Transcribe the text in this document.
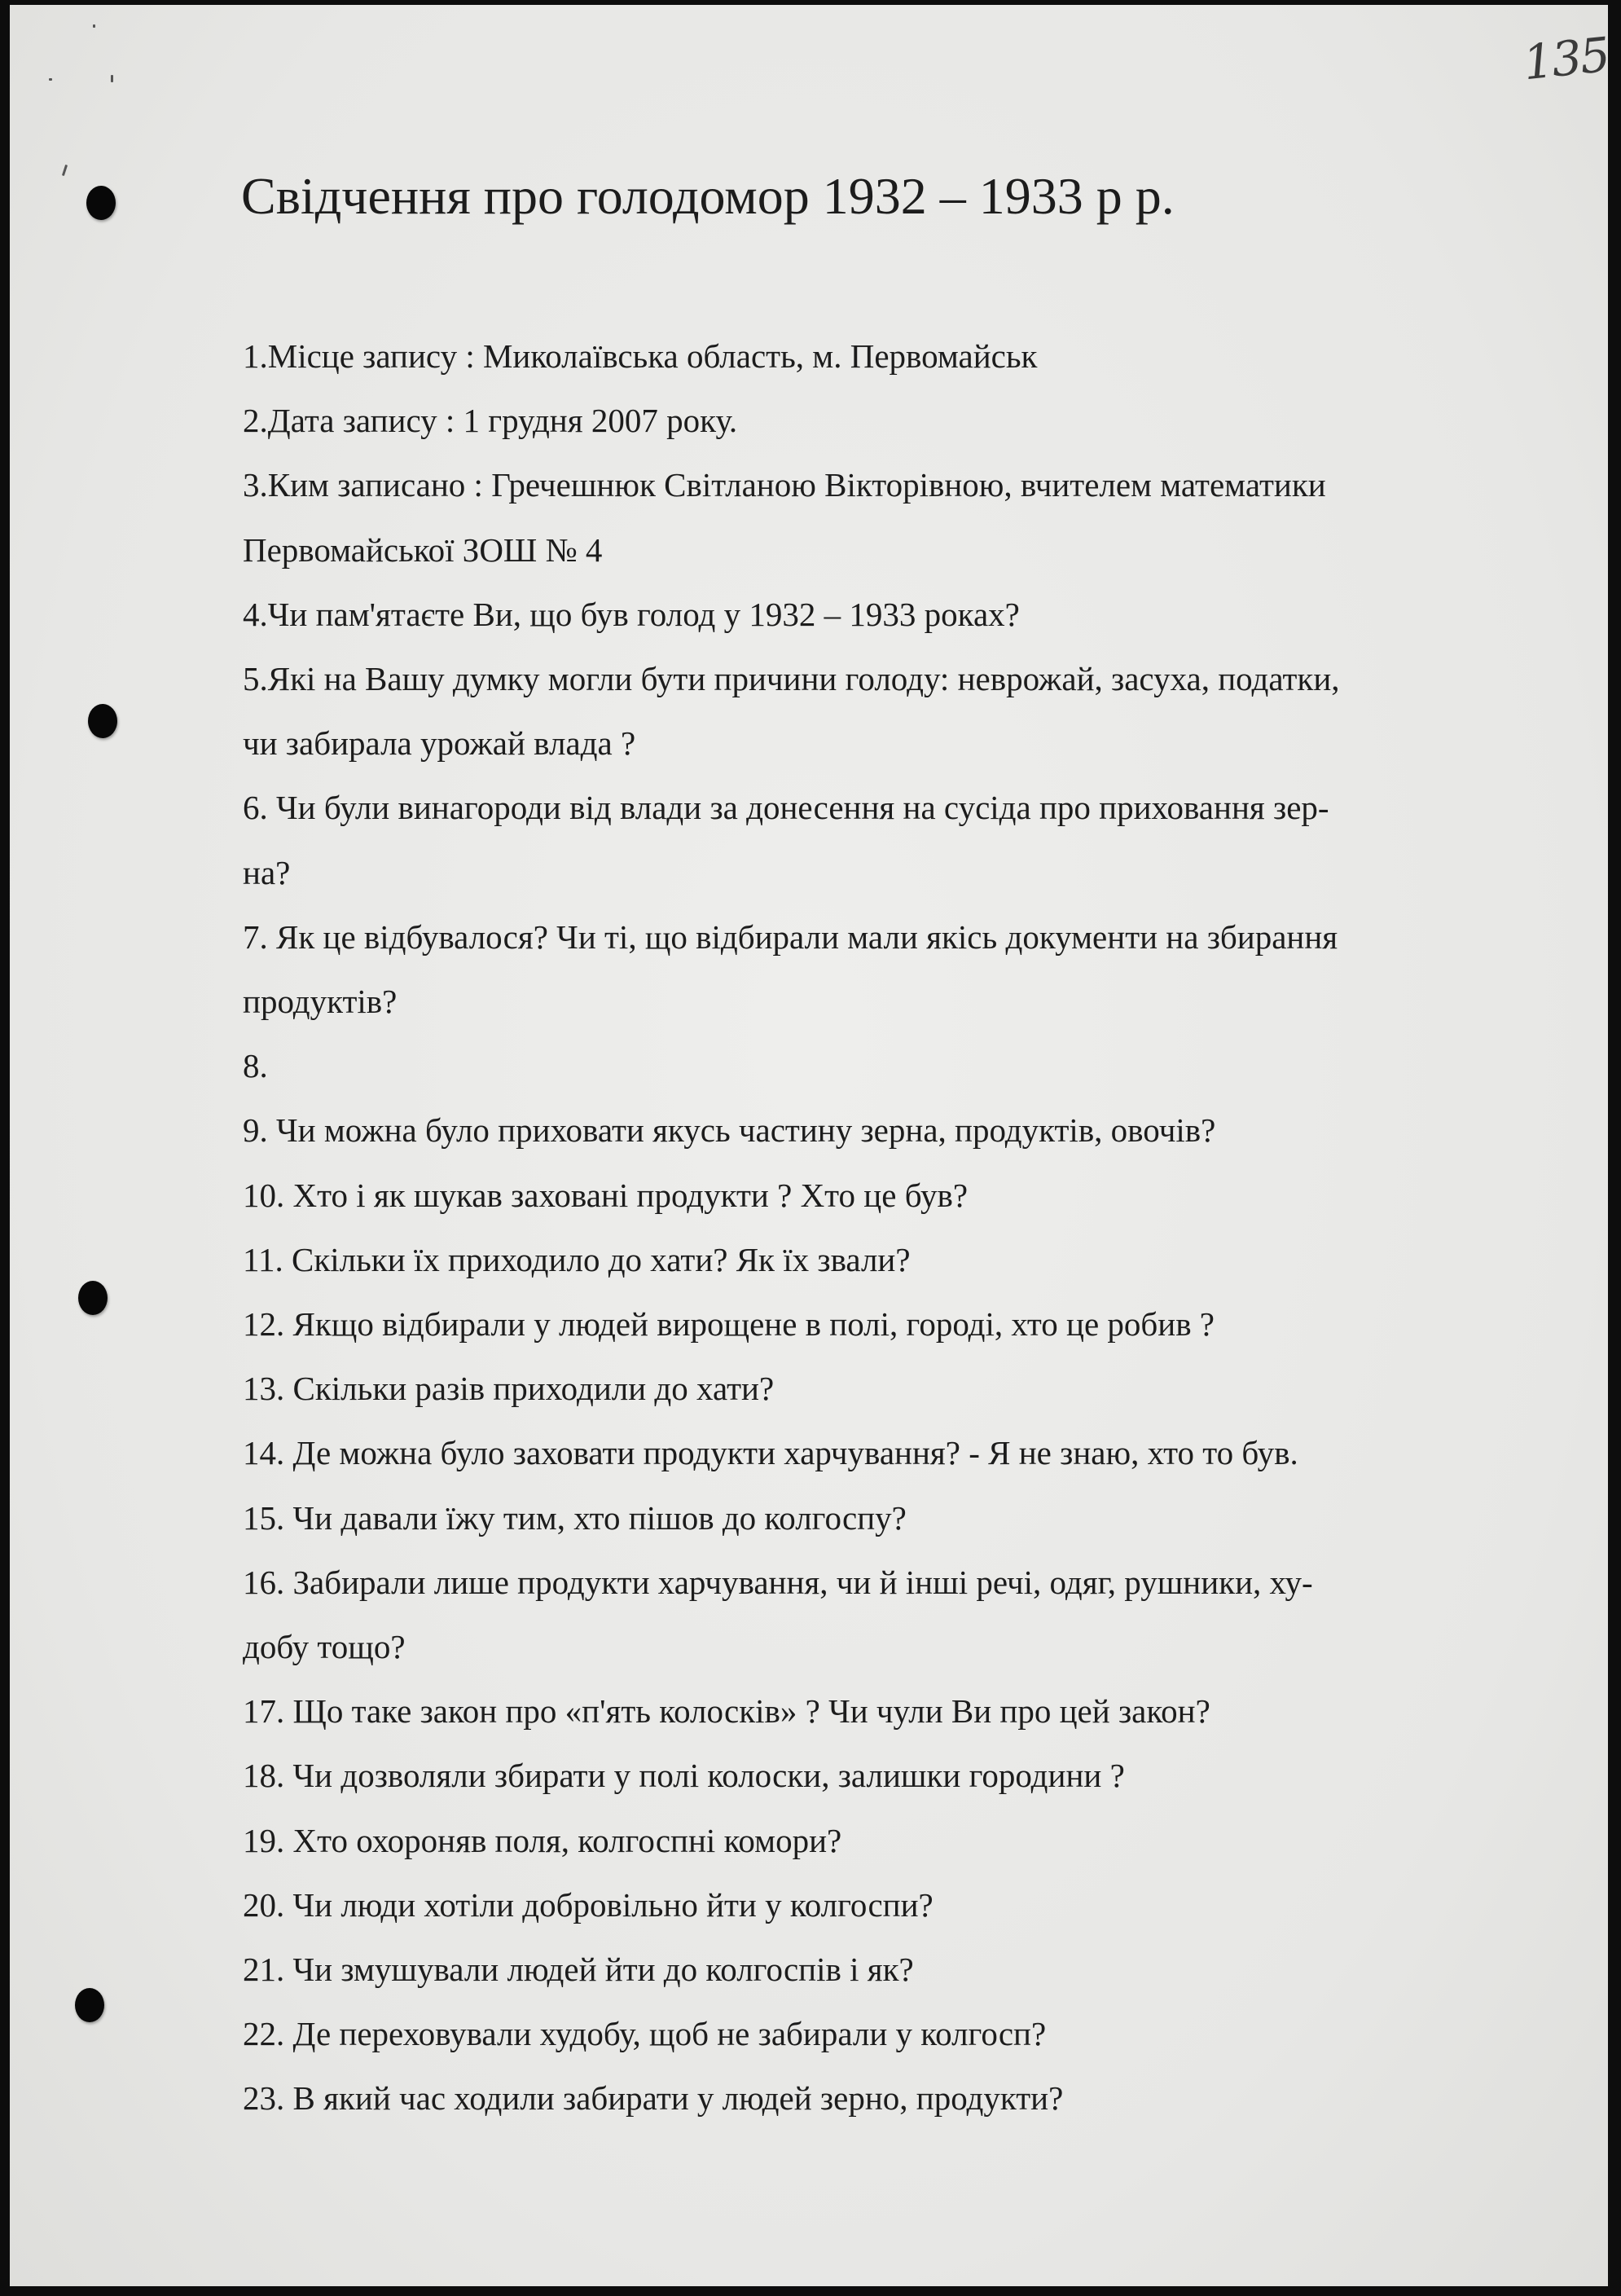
135
Свідчення про голодомор 1932 – 1933 р р.
1.Місце запису : Миколаївська область, м. Первомайськ
2.Дата запису : 1 грудня 2007 року.
3.Ким записано : Гречешнюк Світланою Вікторівною, вчителем математики
Первомайської ЗОШ № 4
4.Чи пам'ятаєте Ви, що був голод у 1932 – 1933 роках?
5.Які на Вашу думку могли бути причини голоду: неврожай, засуха, податки,
чи забирала урожай влада ?
6. Чи були винагороди від влади за донесення на сусіда про приховання зер-
на?
7. Як це відбувалося? Чи ті, що відбирали мали якісь документи на збирання
продуктів?
8.
9. Чи можна було приховати якусь частину зерна, продуктів, овочів?
10. Хто і як шукав заховані продукти ? Хто це був?
11. Скільки їх приходило до хати? Як їх звали?
12. Якщо відбирали у людей вирощене в полі, городі, хто це робив ?
13. Скільки разів приходили до хати?
14. Де можна було заховати продукти харчування? - Я не знаю, хто то був.
15. Чи давали їжу тим, хто пішов до колгоспу?
16. Забирали лише продукти харчування, чи й інші речі, одяг, рушники, ху-
добу тощо?
17. Що таке закон про «п'ять колосків» ? Чи чули Ви про цей закон?
18. Чи дозволяли збирати у полі колоски, залишки городини ?
19. Хто охороняв поля, колгоспні комори?
20. Чи люди хотіли добровільно йти у колгоспи?
21. Чи змушували людей йти до колгоспів і як?
22. Де переховували худобу, щоб не забирали у колгосп?
23. В який час ходили забирати у людей зерно, продукти?
